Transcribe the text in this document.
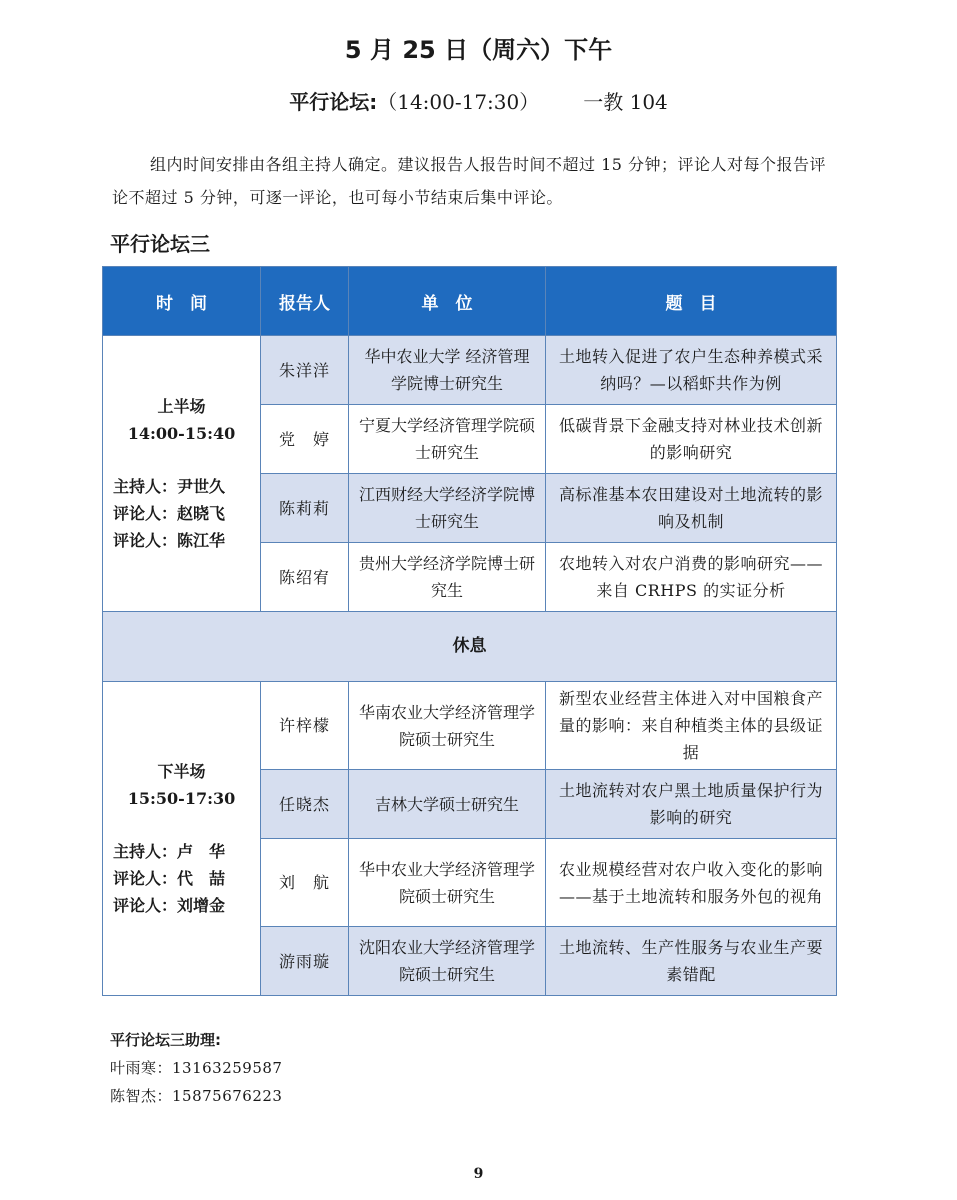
5 月 25 日（周六）下午
平行论坛:（14:00-17:30） 一教 104
组内时间安排由各组主持人确定。建议报告人报告时间不超过 15 分钟；评论人对每个报告评论不超过 5 分钟，可逐一评论，也可每小节结束后集中评论。
平行论坛三
时　间	报告人	单　位	题　目

上半场
14:00-15:40
主持人：尹世久
评论人：赵晓飞
评论人：陈江华	朱洋洋	华中农业大学 经济管理学院博士研究生	土地转入促进了农户生态种养模式采纳吗？—以稻虾共作为例
	党　婷	宁夏大学经济管理学院硕士研究生	低碳背景下金融支持对林业技术创新的影响研究
	陈莉莉	江西财经大学经济学院博士研究生	高标准基本农田建设对土地流转的影响及机制
	陈绍宥	贵州大学经济学院博士研究生	农地转入对农户消费的影响研究——来自 CRHPS 的实证分析
休息			

下半场
15:50-17:30
主持人：卢　华
评论人：代　喆
评论人：刘增金	许梓檬	华南农业大学经济管理学院硕士研究生	新型农业经营主体进入对中国粮食产量的影响：来自种植类主体的县级证据
	任晓杰	吉林大学硕士研究生	土地流转对农户黑土地质量保护行为影响的研究
	刘　航	华中农业大学经济管理学院硕士研究生	农业规模经营对农户收入变化的影响——基于土地流转和服务外包的视角
	游雨璇	沈阳农业大学经济管理学院硕士研究生	土地流转、生产性服务与农业生产要素错配
平行论坛三助理:
叶雨寒：13163259587
陈智杰：15875676223
9
